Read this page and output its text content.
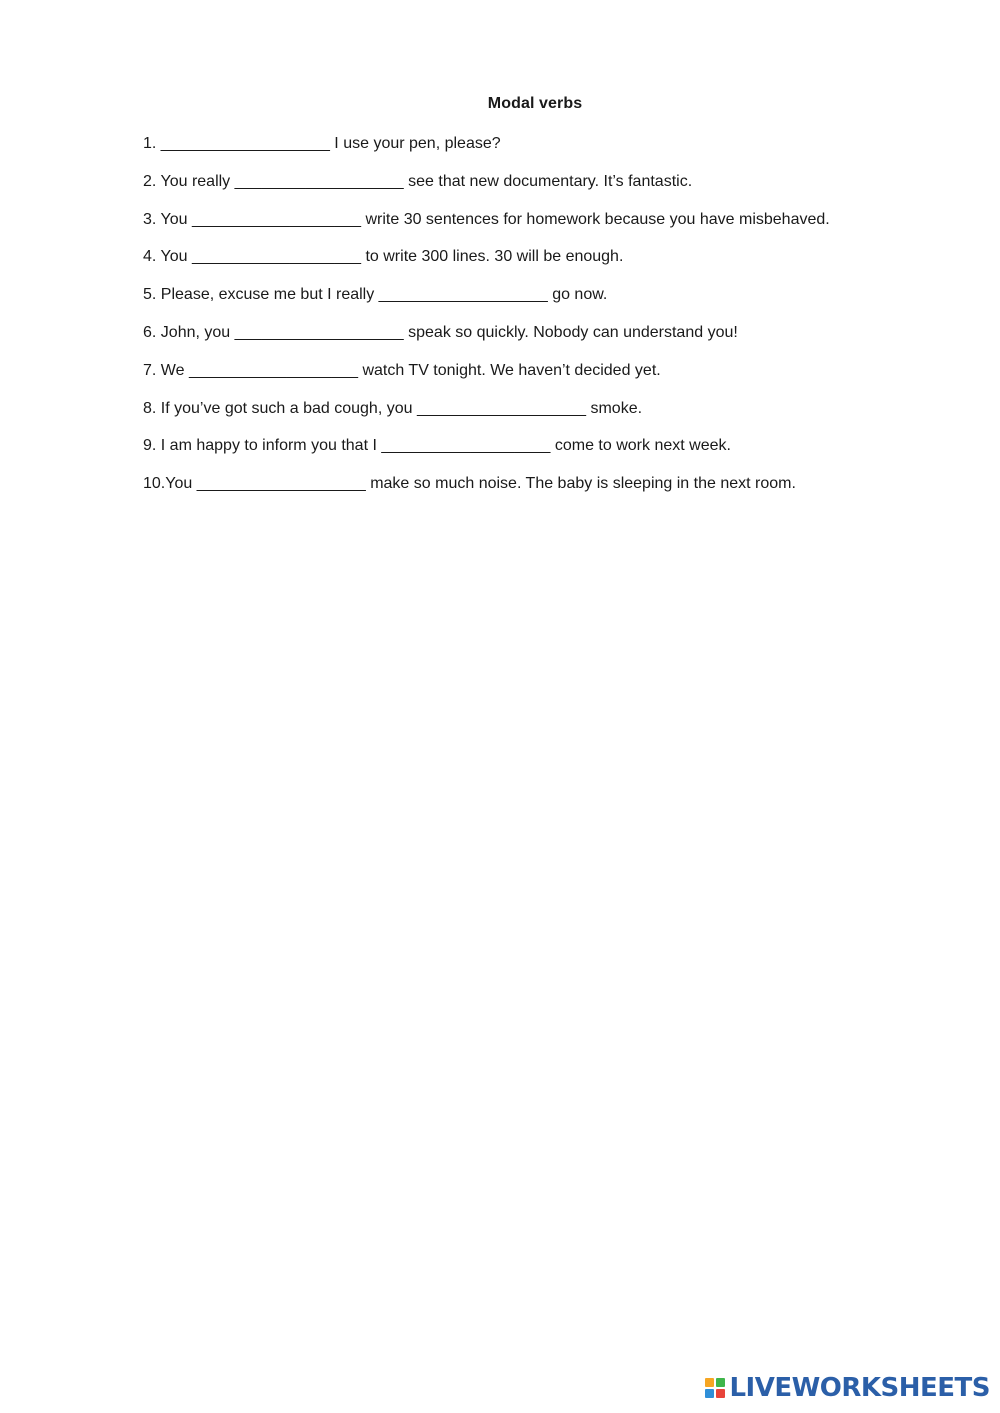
Modal verbs
1. ___________________ I use your pen, please?
2. You really ___________________ see that new documentary. It’s fantastic.
3. You ___________________ write 30 sentences for homework because you have misbehaved.
4. You ___________________ to write 300 lines. 30 will be enough.
5. Please, excuse me but I really ___________________ go now.
6. John, you ___________________ speak so quickly. Nobody can understand you!
7. We ___________________ watch TV tonight. We haven’t decided yet.
8. If you’ve got such a bad cough, you ___________________ smoke.
9. I am happy to inform you that I ___________________ come to work next week.
10.You ___________________ make so much noise. The baby is sleeping in the next room.
LIVEWORKSHEETS
